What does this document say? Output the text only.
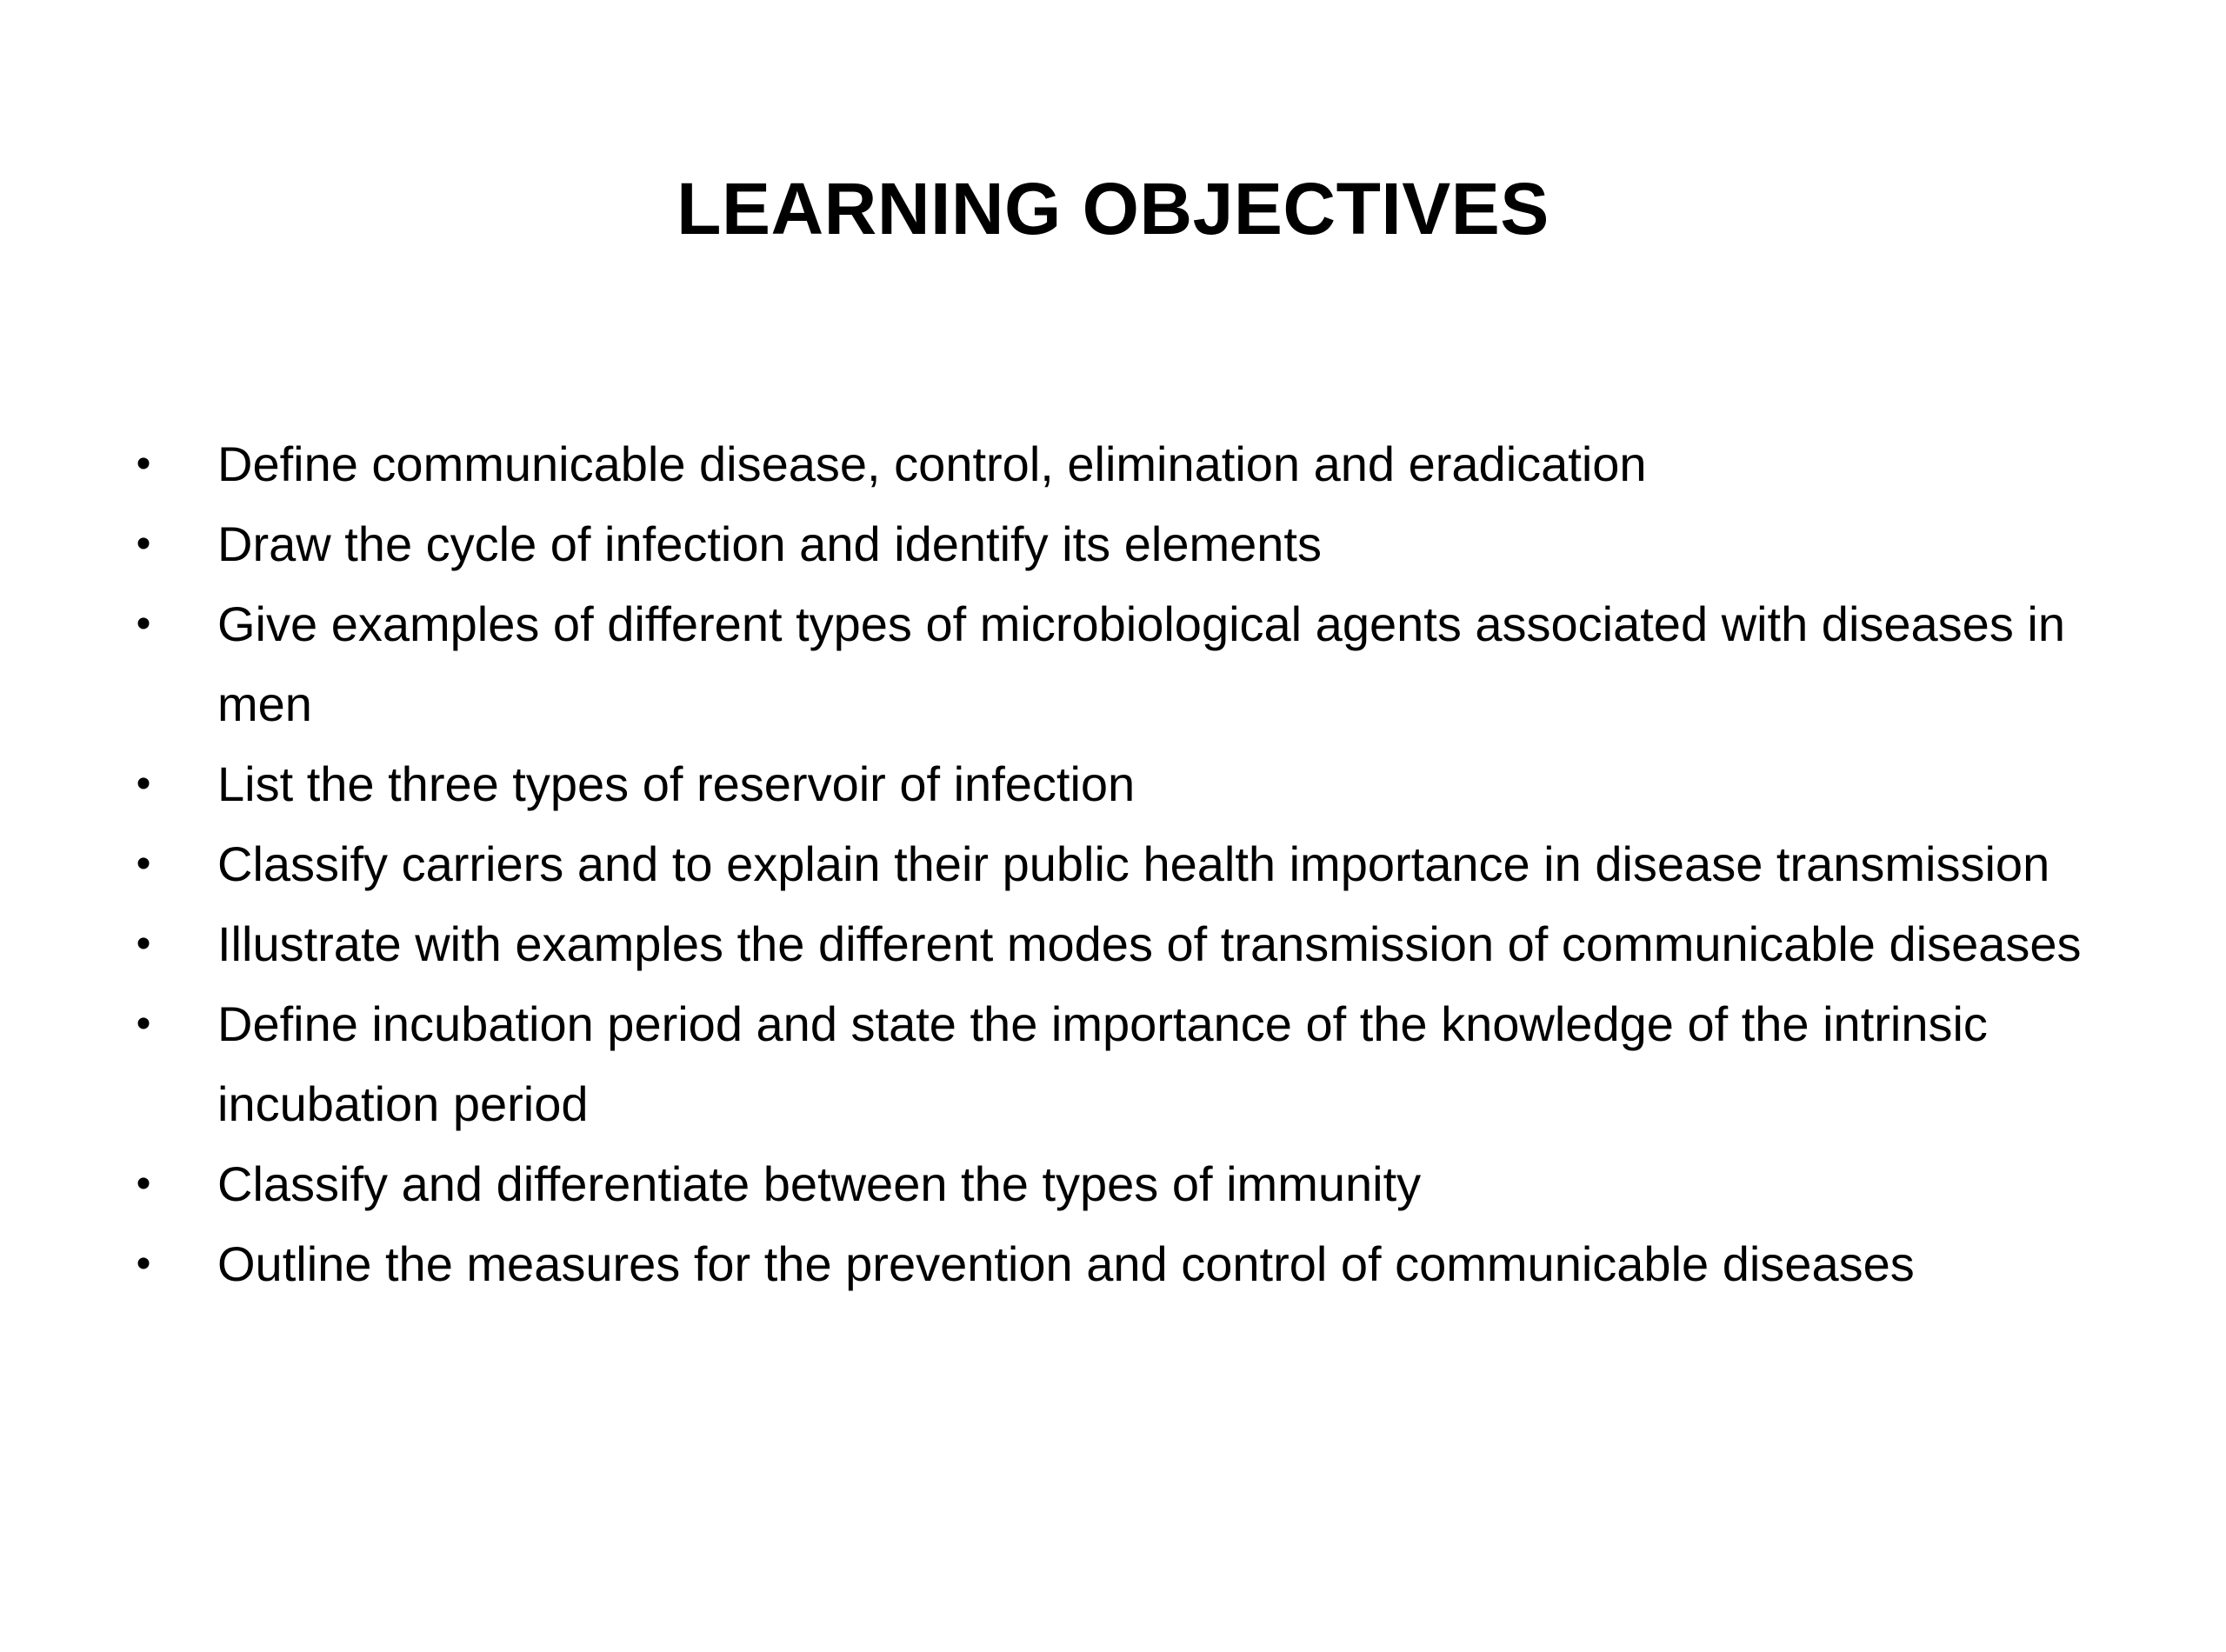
LEARNING OBJECTIVES
• Define communicable disease, control, elimination and eradication
• Draw the cycle of infection and identify its elements
• Give examples of different types of microbiological agents associated with diseases in men
• List the three types of reservoir of infection
• Classify carriers and to explain their public health importance in disease transmission
• Illustrate with examples the different modes of transmission of communicable diseases
• Define incubation period and state the importance of the knowledge of the intrinsic incubation period
• Classify and differentiate between the types of immunity
• Outline the measures for the prevention and control of communicable diseases
